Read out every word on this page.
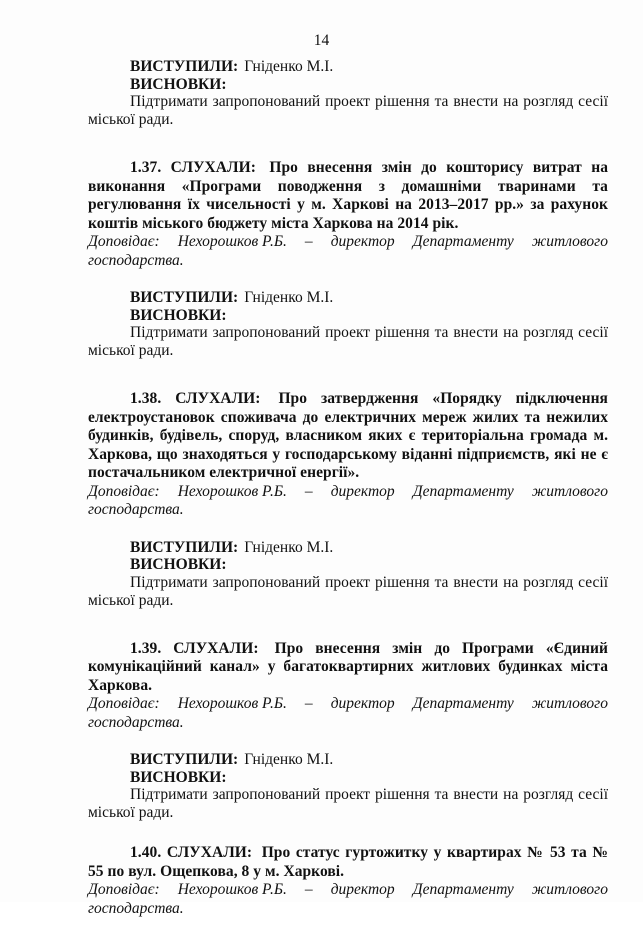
14

ВИСТУПИЛИ: Гніденко М.І.

ВИСНОВКИ:

Підтримати запропонований проект рішення та внести на розгляд сесії міської ради.

1.37. СЛУХАЛИ: Про внесення змін до кошторису витрат на виконання «Програми поводження з домашніми тваринами та регулювання їх чисельності у м. Харкові на 2013–2017 рр.» за рахунок коштів міського бюджету міста Харкова на 2014 рік.

Доповідає: Нехорошков Р.Б. – директор Департаменту житлового
господарства.

ВИСТУПИЛИ: Гніденко М.І.

ВИСНОВКИ:

Підтримати запропонований проект рішення та внести на розгляд сесії міської ради.

1.38. СЛУХАЛИ: Про затвердження «Порядку підключення електроустановок споживача до електричних мереж жилих та нежилих будинків, будівель, споруд, власником яких є територіальна громада м. Харкова, що знаходяться у господарському віданні підприємств, які не є постачальником електричної енергії».

Доповідає: Нехорошков Р.Б. – директор Департаменту житлового
господарства.

ВИСТУПИЛИ: Гніденко М.І.

ВИСНОВКИ:

Підтримати запропонований проект рішення та внести на розгляд сесії міської ради.

1.39. СЛУХАЛИ: Про внесення змін до Програми «Єдиний комунікаційний канал» у багатоквартирних житлових будинках міста Харкова.

Доповідає: Нехорошков Р.Б. – директор Департаменту житлового
господарства.

ВИСТУПИЛИ: Гніденко М.І.

ВИСНОВКИ:

Підтримати запропонований проект рішення та внести на розгляд сесії міської ради.

1.40. СЛУХАЛИ: Про статус гуртожитку у квартирах № 53 та № 55 по вул. Ощепкова, 8 у м. Харкові.

Доповідає: Нехорошков Р.Б. – директор Департаменту житлового
господарства.
